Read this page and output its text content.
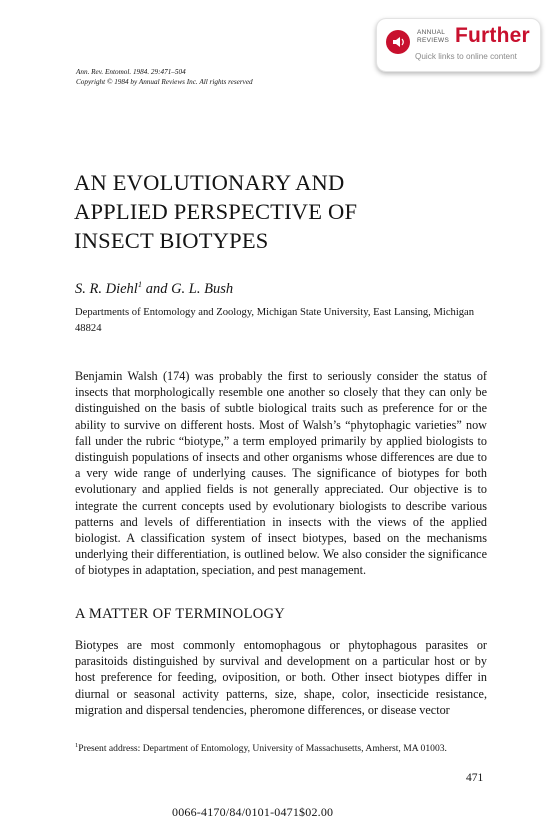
ANNUAL
REVIEWS Further
Quick links to online content
Ann. Rev. Entomol. 1984. 29:471–504
Copyright © 1984 by Annual Reviews Inc. All rights reserved
AN EVOLUTIONARY AND
APPLIED PERSPECTIVE OF
INSECT BIOTYPES
S. R. Diehl$^1$ and G. L. Bush
Departments of Entomology and Zoology, Michigan State University, East Lansing, Michigan 48824

Benjamin Walsh (174) was probably the first to seriously consider the status of insects that morphologically resemble one another so closely that they can only be distinguished on the basis of subtle biological traits such as preference for or the ability to survive on different hosts. Most of Walsh’s “phytophagic varieties” now fall under the rubric “biotype,” a term employed primarily by applied biologists to distinguish populations of insects and other organisms whose differences are due to a very wide range of underlying causes. The significance of biotypes for both evolutionary and applied fields is not generally appreciated. Our objective is to integrate the current concepts used by evolutionary biologists to describe various patterns and levels of differentiation in insects with the views of the applied biologist. A classification system of insect biotypes, based on the mechanisms underlying their differentiation, is outlined below. We also consider the significance of biotypes in adaptation, speciation, and pest management.

A MATTER OF TERMINOLOGY

Biotypes are most commonly entomophagous or phytophagous parasites or parasitoids distinguished by survival and development on a particular host or by host preference for feeding, oviposition, or both. Other insect biotypes differ in diurnal or seasonal activity patterns, size, shape, color, insecticide resistance, migration and dispersal tendencies, pheromone differences, or disease vector

$^1$Present address: Department of Entomology, University of Massachusetts, Amherst, MA 01003.
471
0066-4170/84/0101-0471$02.00
